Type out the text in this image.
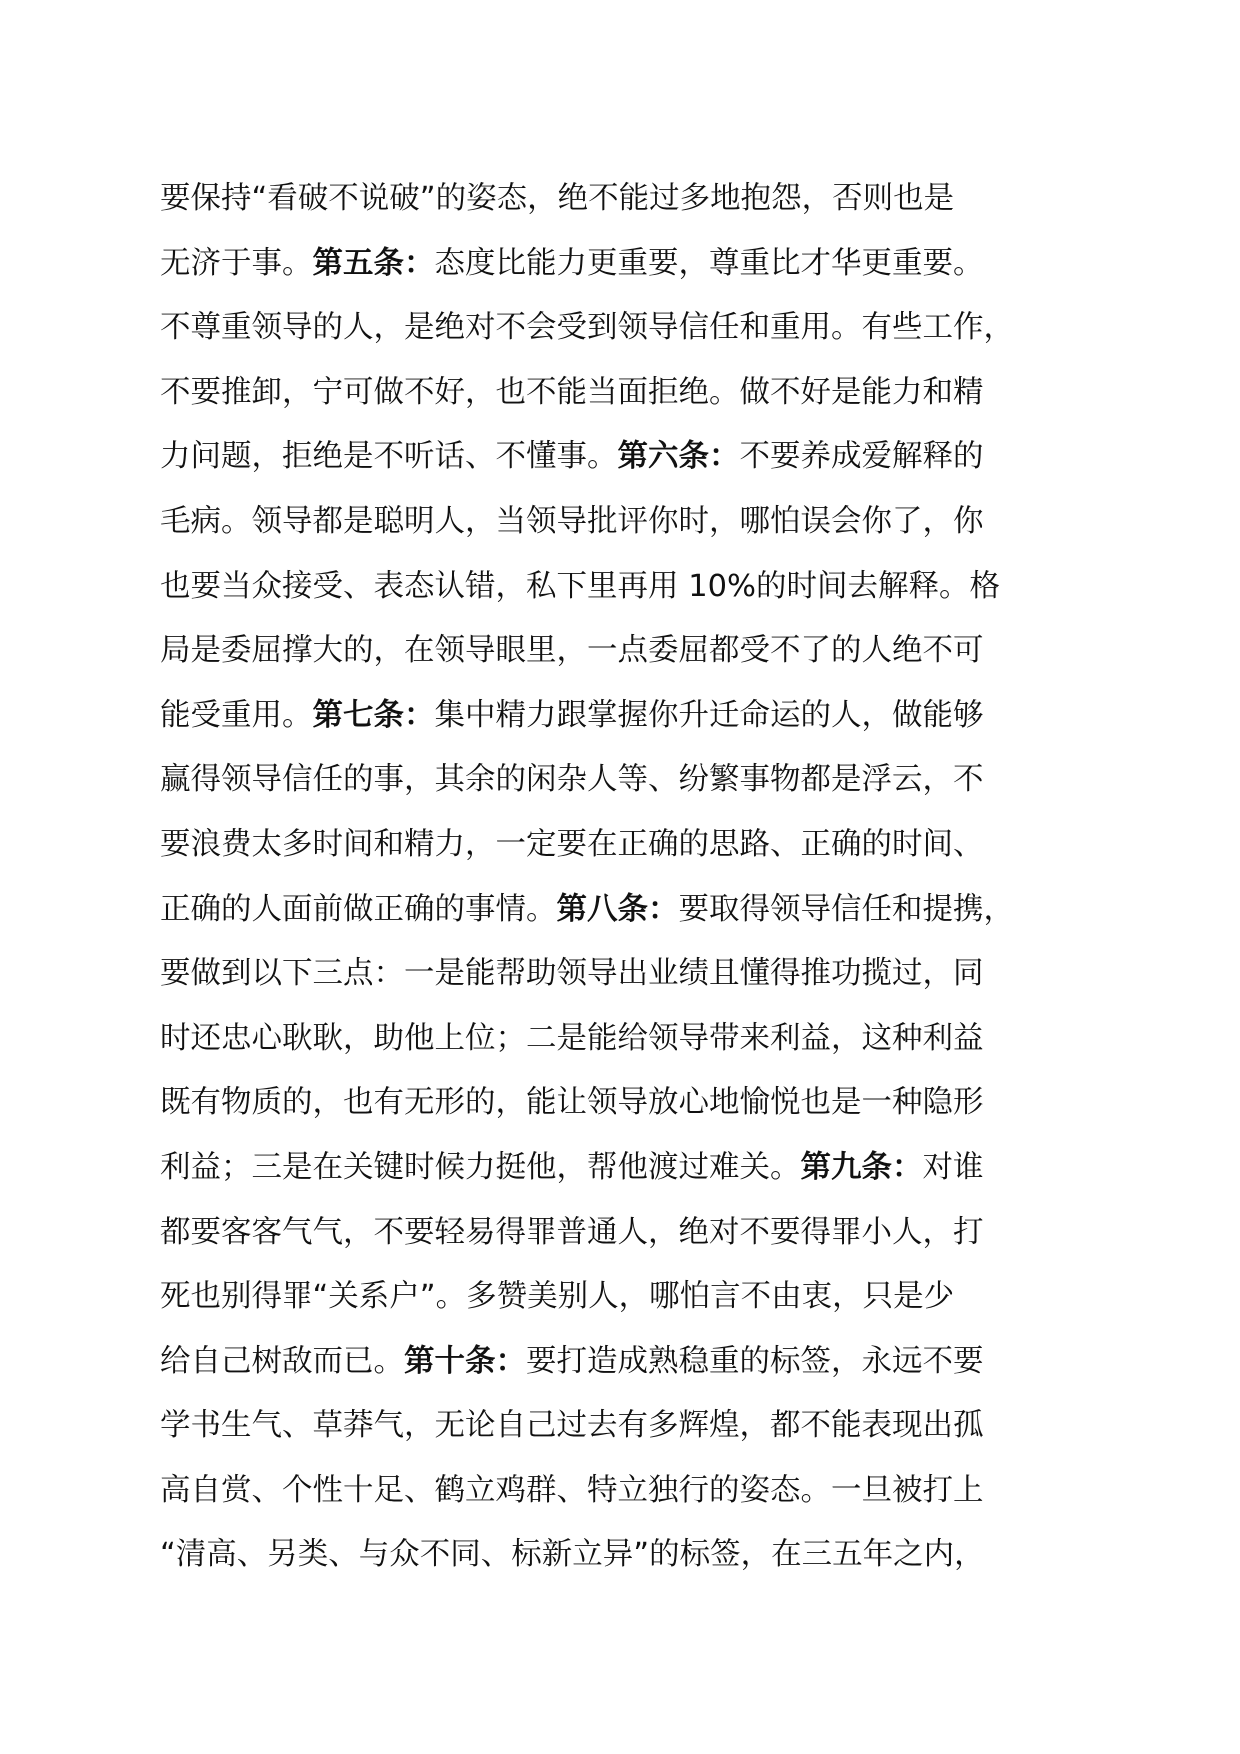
要保持“看破不说破”的姿态，绝不能过多地抱怨，否则也是
无济于事。第五条：态度比能力更重要，尊重比才华更重要。
不尊重领导的人，是绝对不会受到领导信任和重用。有些工作，
不要推卸，宁可做不好，也不能当面拒绝。做不好是能力和精
力问题，拒绝是不听话、不懂事。第六条：不要养成爱解释的
毛病。领导都是聪明人，当领导批评你时，哪怕误会你了，你
也要当众接受、表态认错，私下里再用 10%的时间去解释。格
局是委屈撑大的，在领导眼里，一点委屈都受不了的人绝不可
能受重用。第七条：集中精力跟掌握你升迁命运的人，做能够
赢得领导信任的事，其余的闲杂人等、纷繁事物都是浮云，不
要浪费太多时间和精力，一定要在正确的思路、正确的时间、
正确的人面前做正确的事情。第八条：要取得领导信任和提携，
要做到以下三点：一是能帮助领导出业绩且懂得推功揽过，同
时还忠心耿耿，助他上位；二是能给领导带来利益，这种利益
既有物质的，也有无形的，能让领导放心地愉悦也是一种隐形
利益；三是在关键时候力挺他，帮他渡过难关。第九条：对谁
都要客客气气，不要轻易得罪普通人，绝对不要得罪小人，打
死也别得罪“关系户”。多赞美别人，哪怕言不由衷，只是少
给自己树敌而已。第十条：要打造成熟稳重的标签，永远不要
学书生气、草莽气，无论自己过去有多辉煌，都不能表现出孤
高自赏、个性十足、鹤立鸡群、特立独行的姿态。一旦被打上
“清高、另类、与众不同、标新立异”的标签，在三五年之内，
